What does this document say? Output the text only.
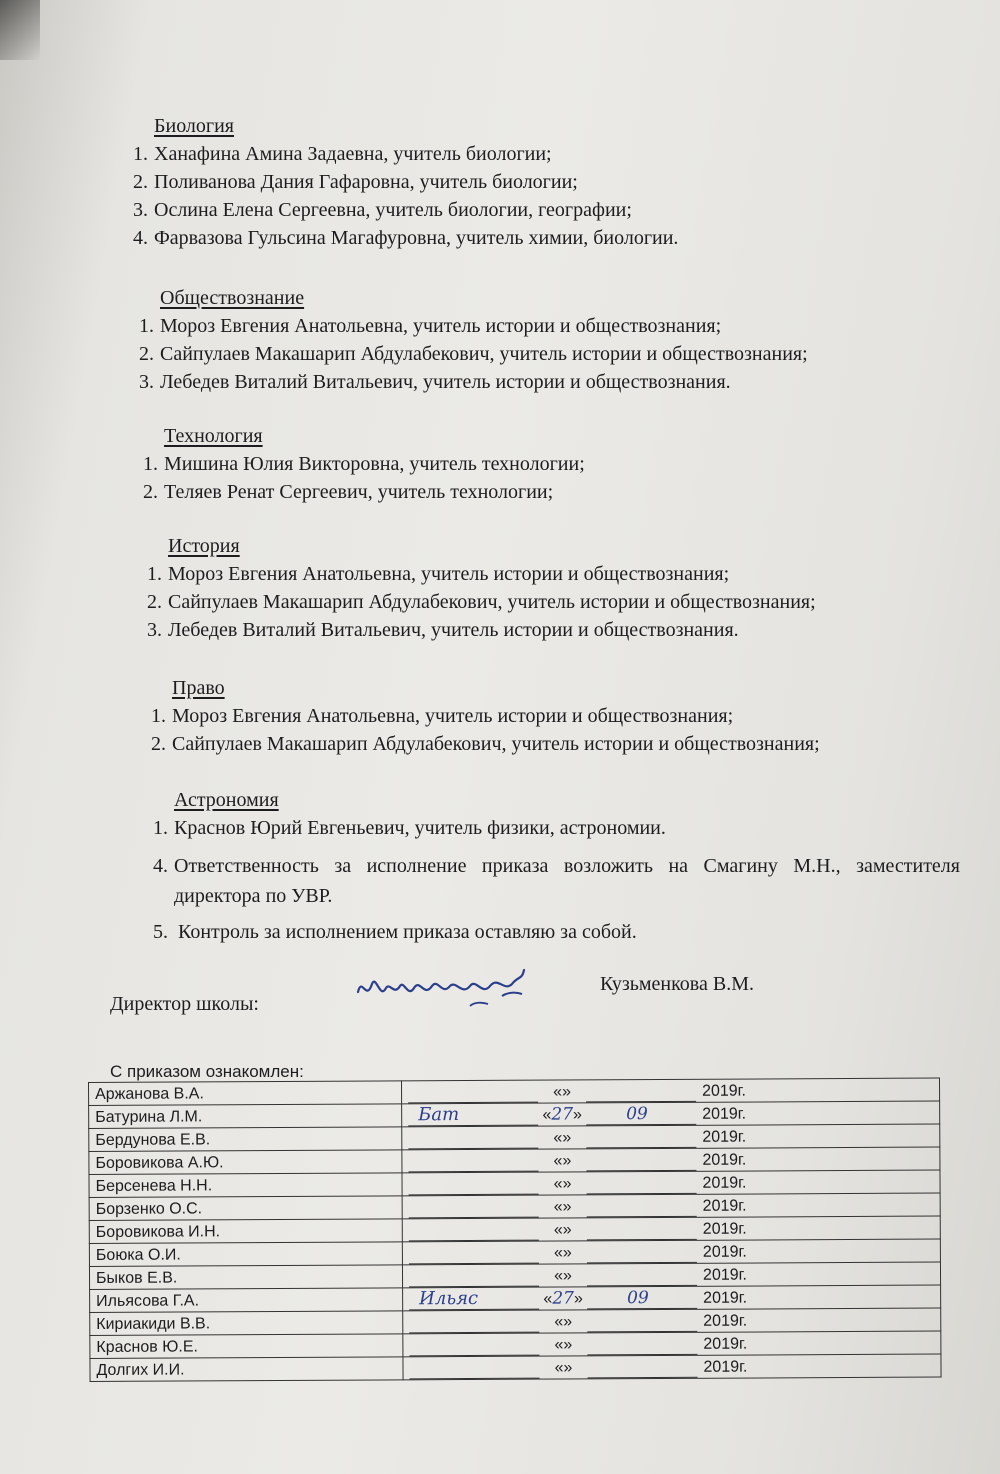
Биология
1. Ханафина Амина Задаевна, учитель биологии;
2. Поливанова Дания Гафаровна, учитель биологии;
3. Ослина Елена Сергеевна, учитель биологии, географии;
4. Фарвазова Гульсина Магафуровна, учитель химии, биологии.
Обществознание
1. Мороз Евгения Анатольевна, учитель истории и обществознания;
2. Сайпулаев Макашарип Абдулабекович, учитель истории и обществознания;
3. Лебедев Виталий Витальевич, учитель истории и обществознания.
Технология
1. Мишина Юлия Викторовна, учитель технологии;
2. Теляев Ренат Сергеевич, учитель технологии;
История
1. Мороз Евгения Анатольевна, учитель истории и обществознания;
2. Сайпулаев Макашарип Абдулабекович, учитель истории и обществознания;
3. Лебедев Виталий Витальевич, учитель истории и обществознания.
Право
1. Мороз Евгения Анатольевна, учитель истории и обществознания;
2. Сайпулаев Макашарип Абдулабекович, учитель истории и обществознания;
Астрономия
1. Краснов Юрий Евгеньевич, учитель физики, астрономии.
4. Ответственность за исполнение приказа возложить на Смагину М.Н., заместителя
директора по УВР.
5. Контроль за исполнением приказа оставляю за собой.
Директор школы:
Кузьменкова В.М.
С приказом ознакомлен:
Аржанова В.А.	«» 2019г.

Батурина Л.М.	Бат «27» 09 2019г.

Бердунова Е.В.	«» 2019г.

Боровикова А.Ю.	«» 2019г.

Берсенева Н.Н.	«» 2019г.

Борзенко О.С.	«» 2019г.

Боровикова И.Н.	«» 2019г.

Боюка О.И.	«» 2019г.

Быков Е.В.	«» 2019г.

Ильясова Г.А.	Ильяс «27» 09 2019г.

Кириакиди В.В.	«» 2019г.

Краснов Ю.Е.	«» 2019г.

Долгих И.И.	«» 2019г.
